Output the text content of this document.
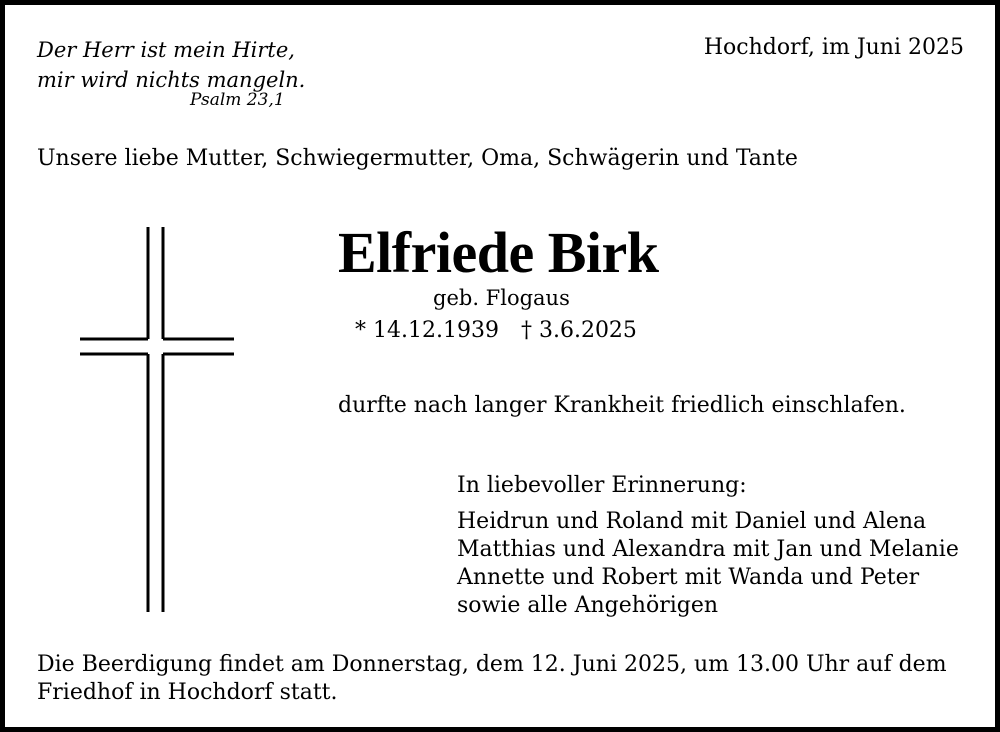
Der Herr ist mein Hirte,
mir wird nichts mangeln.
Psalm 23,1
Hochdorf, im Juni 2025
Unsere liebe Mutter, Schwiegermutter, Oma, Schwägerin und Tante
Elfriede Birk
geb. Flogaus
* 14.12.1939 † 3.6.2025
durfte nach langer Krankheit friedlich einschlafen.
In liebevoller Erinnerung:
Heidrun und Roland mit Daniel und Alena
Matthias und Alexandra mit Jan und Melanie
Annette und Robert mit Wanda und Peter
sowie alle Angehörigen
Die Beerdigung findet am Donnerstag, dem 12. Juni 2025, um 13.00 Uhr auf dem Friedhof in Hochdorf statt.
